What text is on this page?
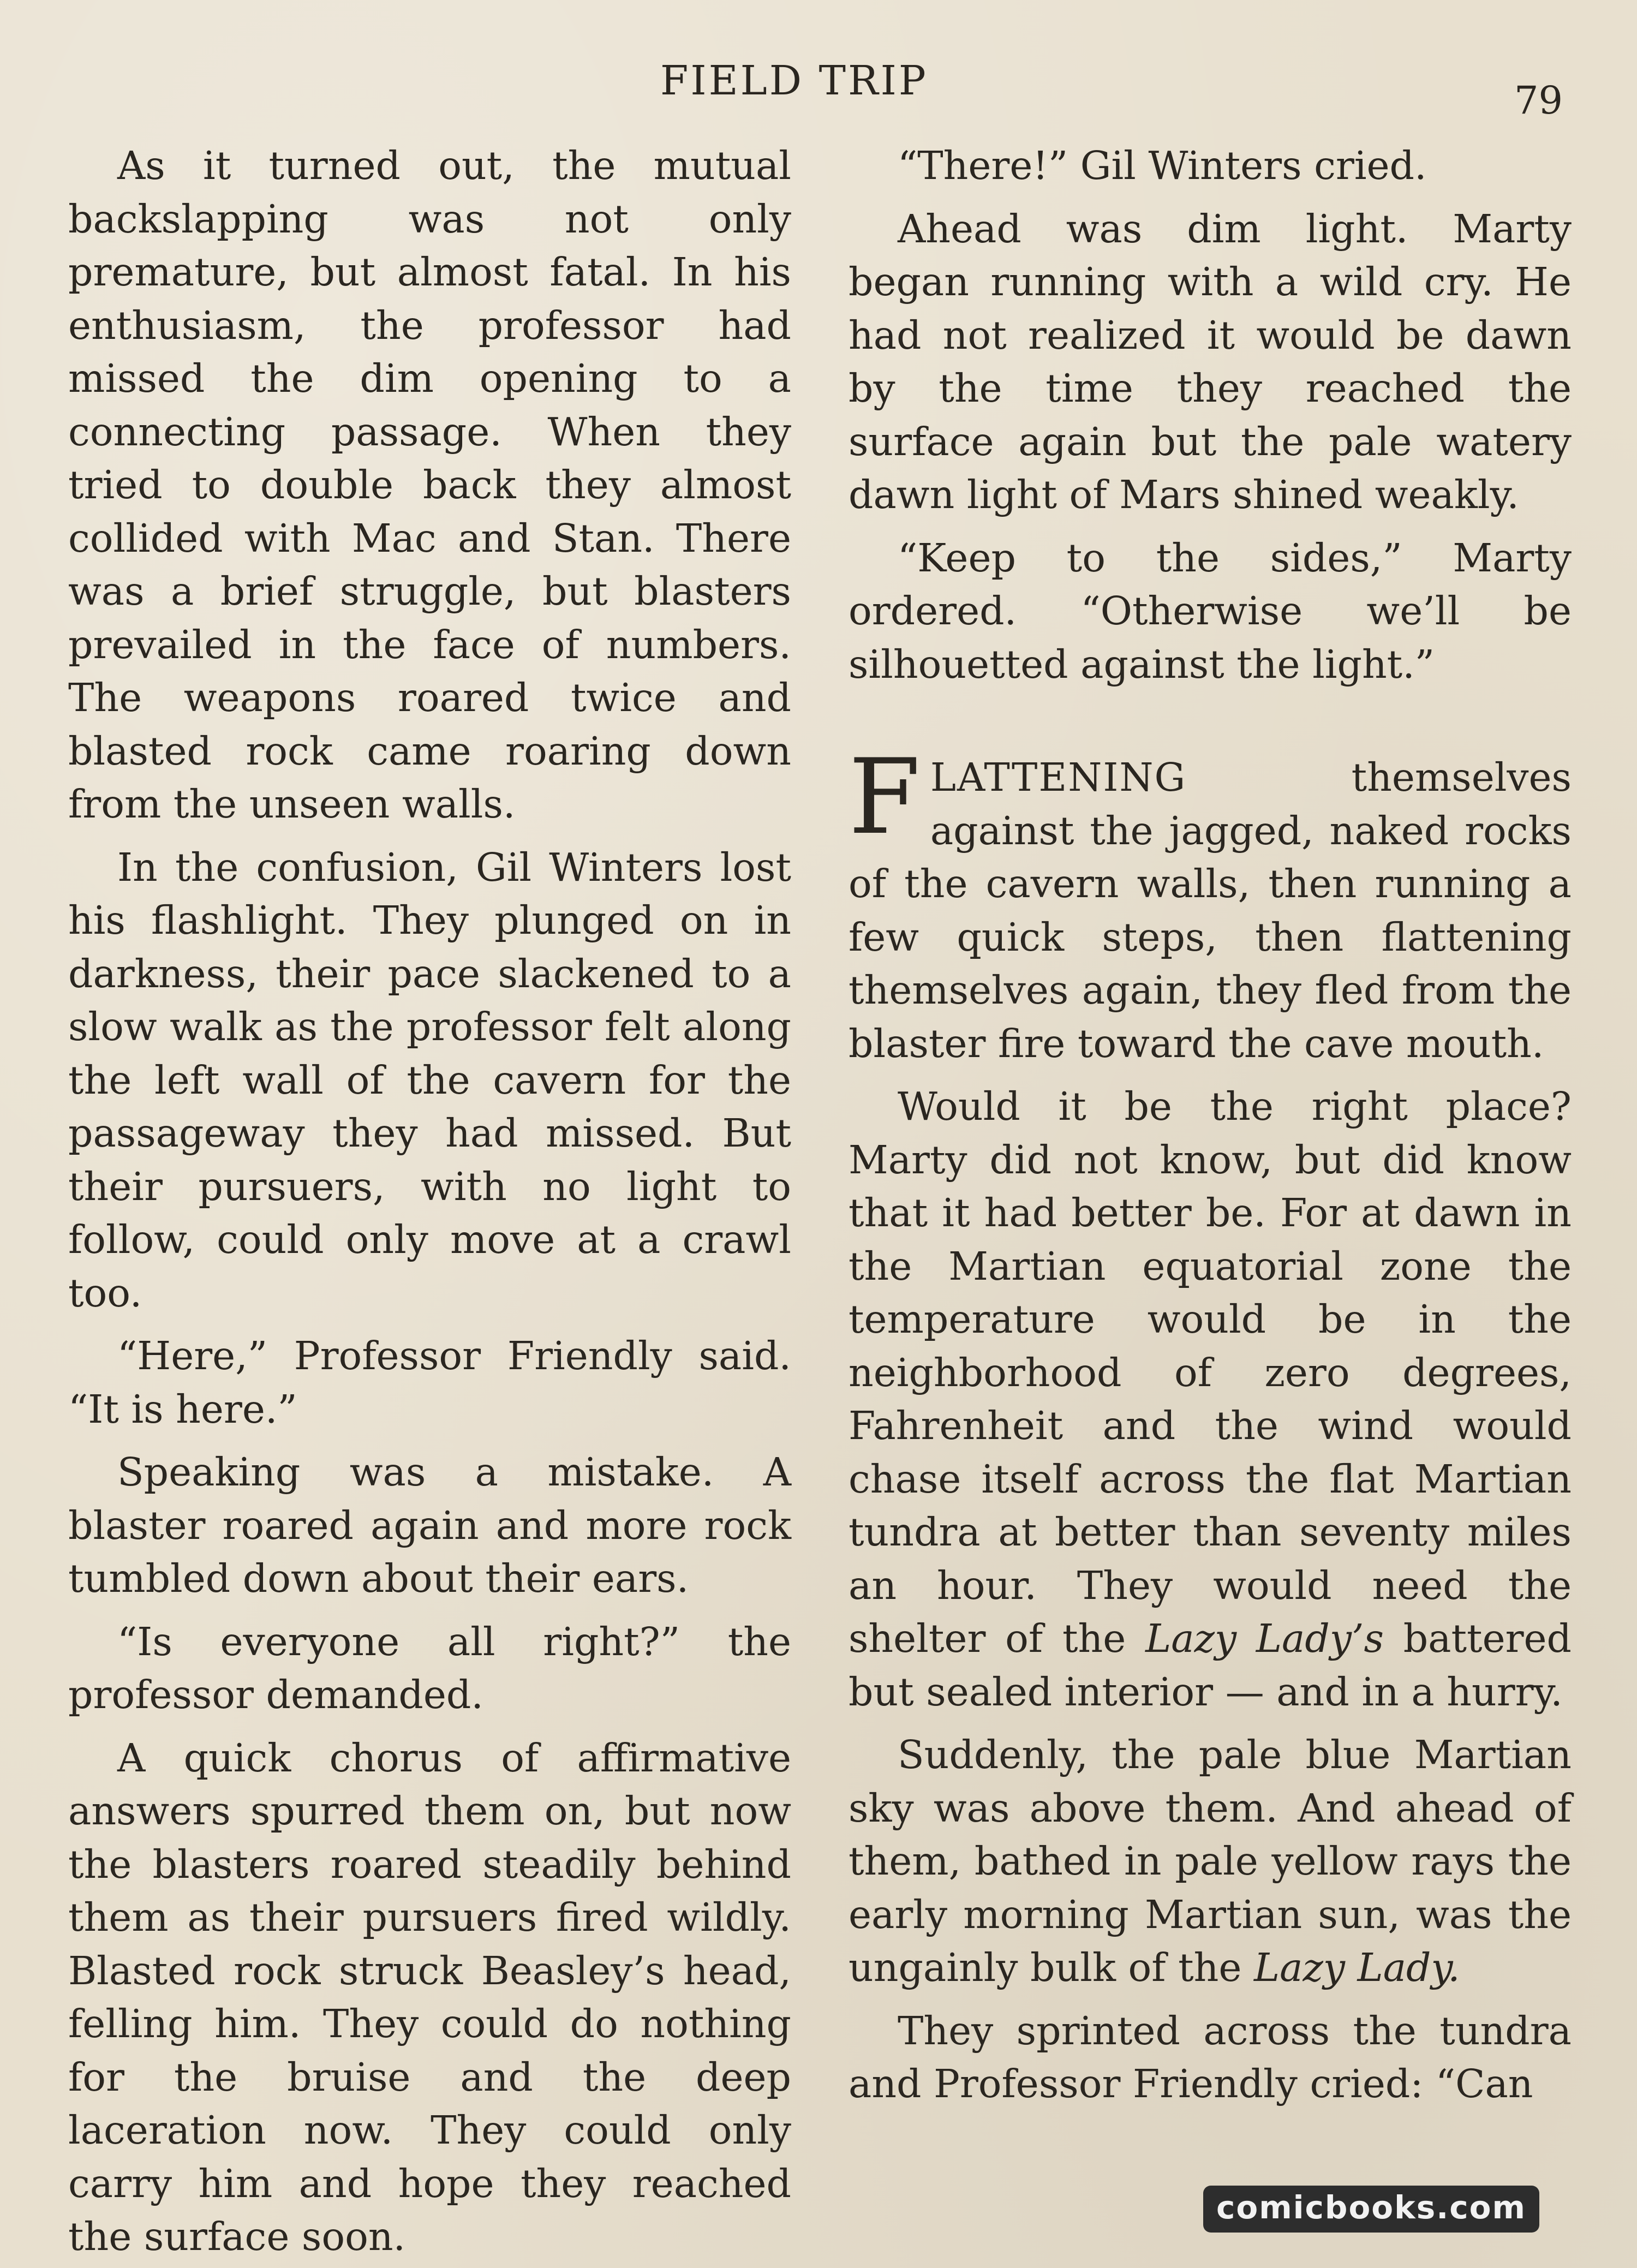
FIELD TRIP	79

As it turned out, the mutual backslapping was not only premature, but almost fatal. In his enthusiasm, the professor had missed the dim opening to a connecting passage. When they tried to double back they almost collided with Mac and Stan. There was a brief struggle, but blasters prevailed in the face of numbers. The weapons roared twice and blasted rock came roaring down from the unseen walls.

In the confusion, Gil Winters lost his flashlight. They plunged on in darkness, their pace slackened to a slow walk as the professor felt along the left wall of the cavern for the passageway they had missed. But their pursuers, with no light to follow, could only move at a crawl too.

“Here,” Professor Friendly said. “It is here.”

Speaking was a mistake. A blaster roared again and more rock tumbled down about their ears.

“Is everyone all right?” the professor demanded.

A quick chorus of affirmative answers spurred them on, but now the blasters roared steadily behind them as their pursuers fired wildly. Blasted rock struck Beasley’s head, felling him. They could do nothing for the bruise and the deep laceration now. They could only carry him and hope they reached the surface soon.

“There!” Gil Winters cried.

Ahead was dim light. Marty began running with a wild cry. He had not realized it would be dawn by the time they reached the surface again but the pale watery dawn light of Mars shined weakly.

“Keep to the sides,” Marty ordered. “Otherwise we’ll be silhouetted against the light.”

FLATTENING themselves against the jagged, naked rocks of the cavern walls, then running a few quick steps, then flattening themselves again, they fled from the blaster fire toward the cave mouth.

Would it be the right place? Marty did not know, but did know that it had better be. For at dawn in the Martian equatorial zone the temperature would be in the neighborhood of zero degrees, Fahrenheit and the wind would chase itself across the flat Martian tundra at better than seventy miles an hour. They would need the shelter of the Lazy Lady’s battered but sealed interior — and in a hurry.

Suddenly, the pale blue Martian sky was above them. And ahead of them, bathed in pale yellow rays the early morning Martian sun, was the ungainly bulk of the Lazy Lady.

They sprinted across the tundra and Professor Friendly cried: “Can

comicbooks.com
